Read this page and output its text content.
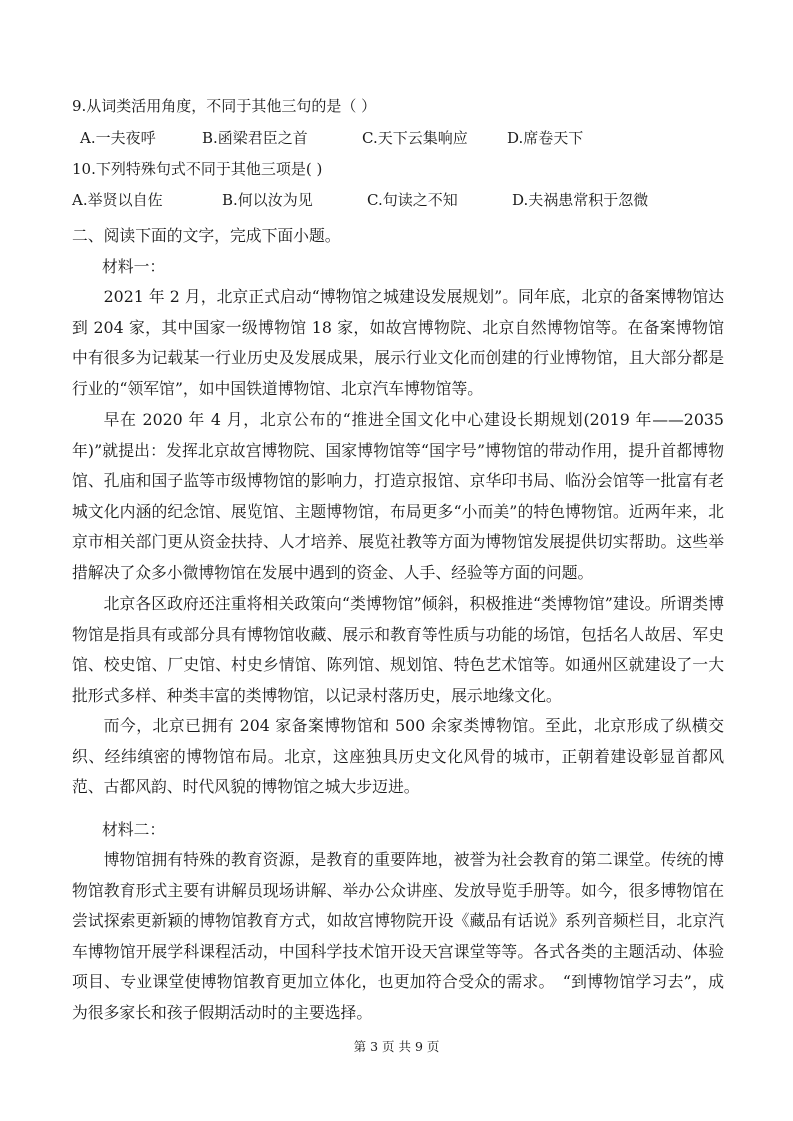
9.从词类活用角度，不同于其他三句的是（ ）
A.一夫夜呼	B.函梁君臣之首	C.天下云集响应	D.席卷天下
10.下列特殊句式不同于其他三项是( )
A.举贤以自佐	B.何以汝为见	C.句读之不知	D.夫祸患常积于忽微
二、阅读下面的文字，完成下面小题。
材料一：
2021 年 2 月，北京正式启动“博物馆之城建设发展规划”。同年底，北京的备案博物馆达到 204 家，其中国家一级博物馆 18 家，如故宫博物院、北京自然博物馆等。在备案博物馆中有很多为记载某一行业历史及发展成果，展示行业文化而创建的行业博物馆，且大部分都是行业的“领军馆”，如中国铁道博物馆、北京汽车博物馆等。
早在 2020 年 4 月，北京公布的“推进全国文化中心建设长期规划(2019 年——2035 年)”就提出：发挥北京故宫博物院、国家博物馆等“国字号”博物馆的带动作用，提升首都博物馆、孔庙和国子监等市级博物馆的影响力，打造京报馆、京华印书局、临汾会馆等一批富有老城文化内涵的纪念馆、展览馆、主题博物馆，布局更多“小而美”的特色博物馆。近两年来，北京市相关部门更从资金扶持、人才培养、展览社教等方面为博物馆发展提供切实帮助。这些举措解决了众多小微博物馆在发展中遇到的资金、人手、经验等方面的问题。
北京各区政府还注重将相关政策向“类博物馆”倾斜，积极推进“类博物馆”建设。所谓类博物馆是指具有或部分具有博物馆收藏、展示和教育等性质与功能的场馆，包括名人故居、军史馆、校史馆、厂史馆、村史乡情馆、陈列馆、规划馆、特色艺术馆等。如通州区就建设了一大批形式多样、种类丰富的类博物馆，以记录村落历史，展示地缘文化。
而今，北京已拥有 204 家备案博物馆和 500 余家类博物馆。至此，北京形成了纵横交织、经纬缜密的博物馆布局。北京，这座独具历史文化风骨的城市，正朝着建设彰显首都风范、古都风韵、时代风貌的博物馆之城大步迈进。
材料二：
博物馆拥有特殊的教育资源，是教育的重要阵地，被誉为社会教育的第二课堂。传统的博物馆教育形式主要有讲解员现场讲解、举办公众讲座、发放导览手册等。如今，很多博物馆在尝试探索更新颖的博物馆教育方式，如故宫博物院开设《藏品有话说》系列音频栏目，北京汽车博物馆开展学科课程活动，中国科学技术馆开设天宫课堂等等。各式各类的主题活动、体验项目、专业课堂使博物馆教育更加立体化，也更加符合受众的需求。　“到博物馆学习去”，成为很多家长和孩子假期活动时的主要选择。
第 3 页 共 9 页
